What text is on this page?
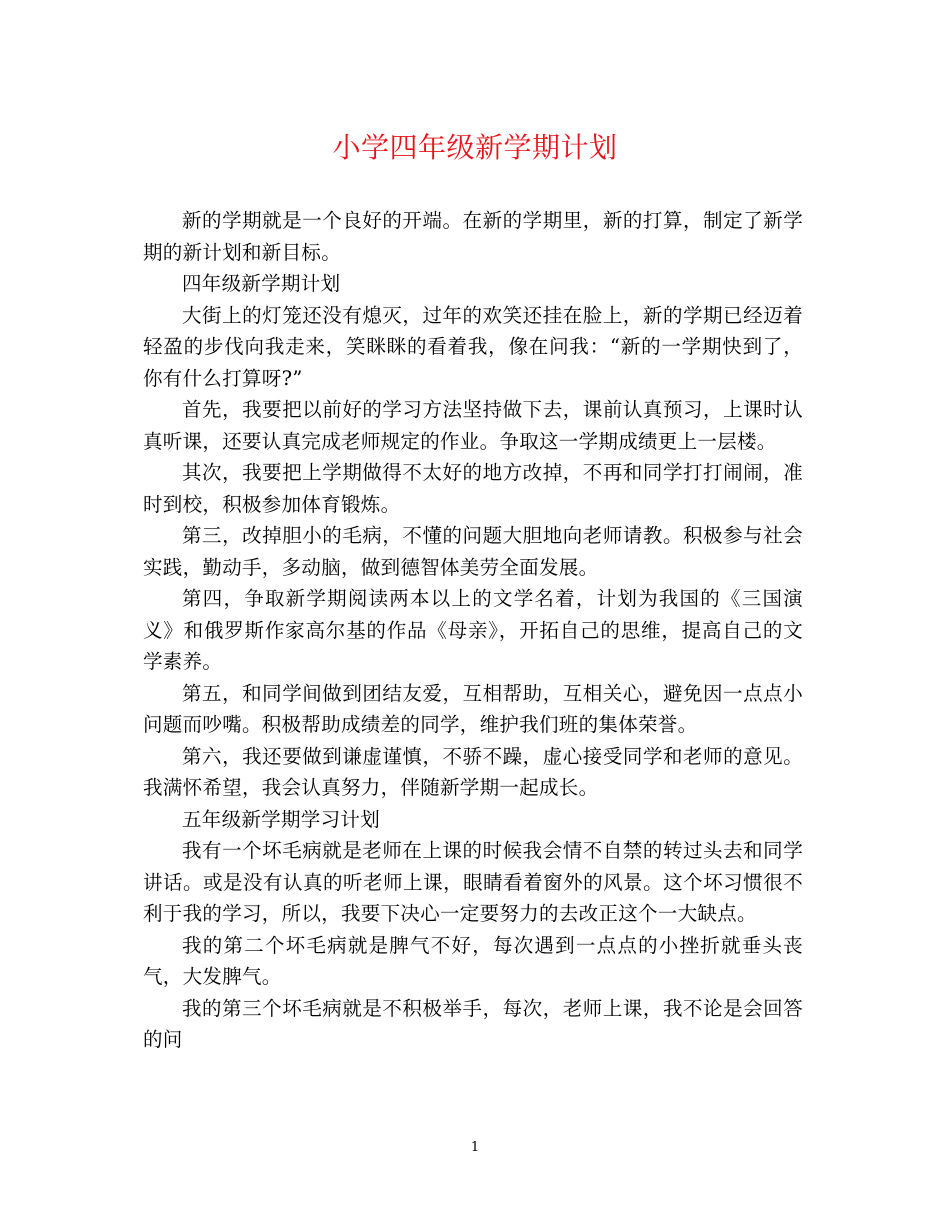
小学四年级新学期计划

新的学期就是一个良好的开端。在新的学期里，新的打算，制定了新学期的新计划和新目标。

四年级新学期计划

大街上的灯笼还没有熄灭，过年的欢笑还挂在脸上，新的学期已经迈着轻盈的步伐向我走来，笑眯眯的看着我，像在问我：“新的一学期快到了，你有什么打算呀?”

首先，我要把以前好的学习方法坚持做下去，课前认真预习，上课时认真听课，还要认真完成老师规定的作业。争取这一学期成绩更上一层楼。

其次，我要把上学期做得不太好的地方改掉，不再和同学打打闹闹，准时到校，积极参加体育锻炼。

第三，改掉胆小的毛病，不懂的问题大胆地向老师请教。积极参与社会实践，勤动手，多动脑，做到德智体美劳全面发展。

第四，争取新学期阅读两本以上的文学名着，计划为我国的《三国演义》和俄罗斯作家高尔基的作品《母亲》，开拓自己的思维，提高自己的文学素养。

第五，和同学间做到团结友爱，互相帮助，互相关心，避免因一点点小问题而吵嘴。积极帮助成绩差的同学，维护我们班的集体荣誉。

第六，我还要做到谦虚谨慎，不骄不躁，虚心接受同学和老师的意见。我满怀希望，我会认真努力，伴随新学期一起成长。

五年级新学期学习计划

我有一个坏毛病就是老师在上课的时候我会情不自禁的转过头去和同学讲话。或是没有认真的听老师上课，眼睛看着窗外的风景。这个坏习惯很不利于我的学习，所以，我要下决心一定要努力的去改正这个一大缺点。

我的第二个坏毛病就是脾气不好，每次遇到一点点的小挫折就垂头丧气，大发脾气。

我的第三个坏毛病就是不积极举手，每次，老师上课，我不论是会回答的问

1
